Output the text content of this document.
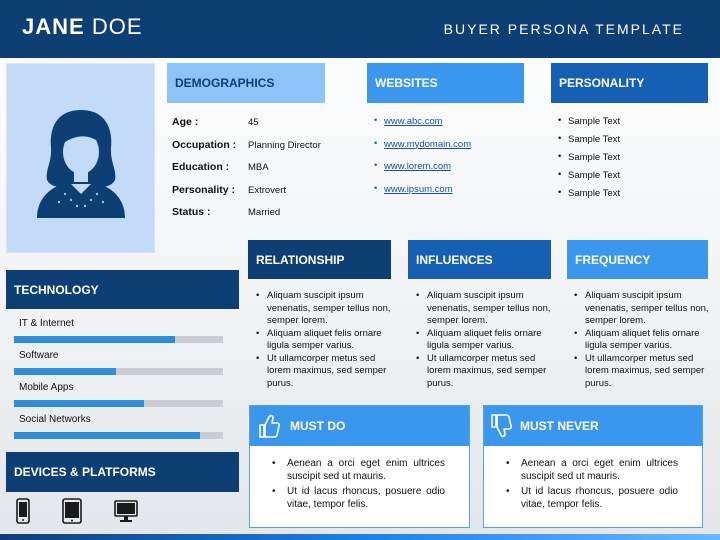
JANE DOE	BUYER PERSONA TEMPLATE
TECHNOLOGY
IT & Internet
Software
Mobile Apps
Social Networks
DEVICES & PLATFORMS
DEMOGRAPHICS
Age :	45
Occupation : Planning Director
Education : MBA
Personality : Extrovert
Status :	Married
WEBSITES
• www.abc.com
• www.mydomain.com
• www.lorem.com
• www.ipsum.com
PERSONALITY
• Sample Text
• Sample Text
• Sample Text
• Sample Text
• Sample Text
RELATIONSHIP
• Aliquam suscipit ipsum venenatis, semper tellus non, semper lorem.
• Aliquam aliquet felis ornare ligula semper varius.
• Ut ullamcorper metus sed lorem maximus, sed semper purus.
INFLUENCES
• Aliquam suscipit ipsum venenatis, semper tellus non, semper lorem.
• Aliquam aliquet felis ornare ligula semper varius.
• Ut ullamcorper metus sed lorem maximus, sed semper purus.
FREQUENCY
• Aliquam suscipit ipsum venenatis, semper tellus non, semper lorem.
• Aliquam aliquet felis ornare ligula semper varius.
• Ut ullamcorper metus sed lorem maximus, sed semper purus.
MUST DO
• Aenean a orci eget enim ultrices suscipit sed ut mauris.
• Ut id lacus rhoncus, posuere odio vitae, tempor felis.
MUST NEVER
• Aenean a orci eget enim ultrices suscipit sed ut mauris.
• Ut id lacus rhoncus, posuere odio vitae, tempor felis.
